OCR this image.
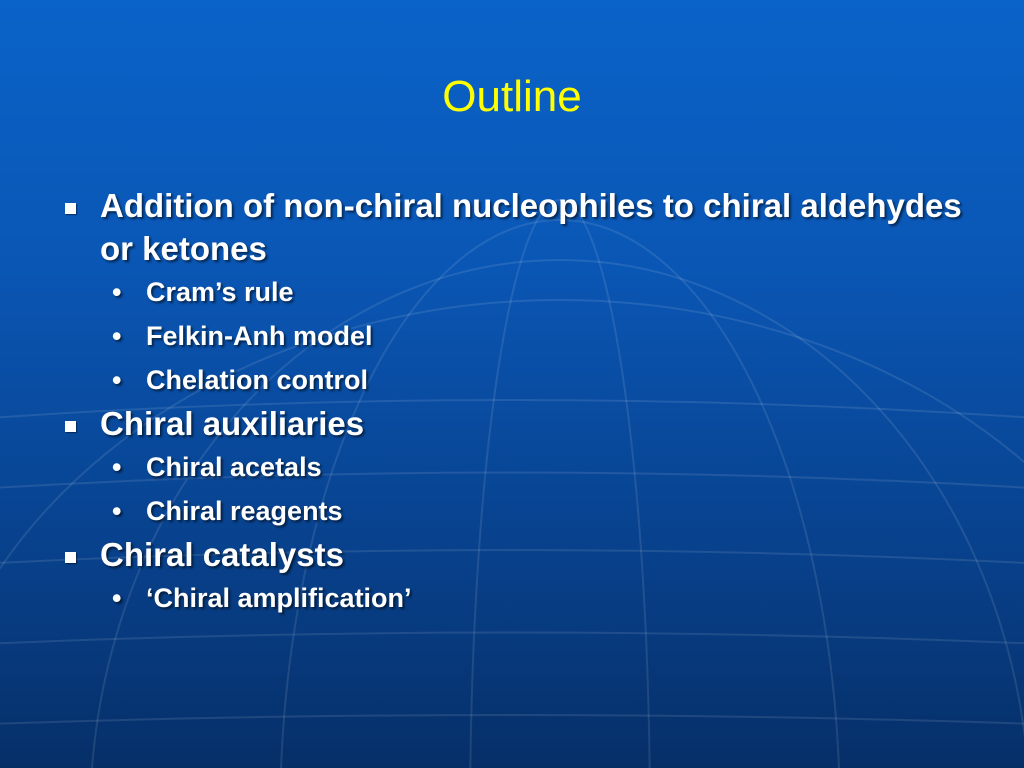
Outline
Addition of non-chiral nucleophiles to chiral aldehydes or ketones
• Cram’s rule
• Felkin-Anh model
• Chelation control
Chiral auxiliaries
• Chiral acetals
• Chiral reagents
Chiral catalysts
• ‘Chiral amplification’
